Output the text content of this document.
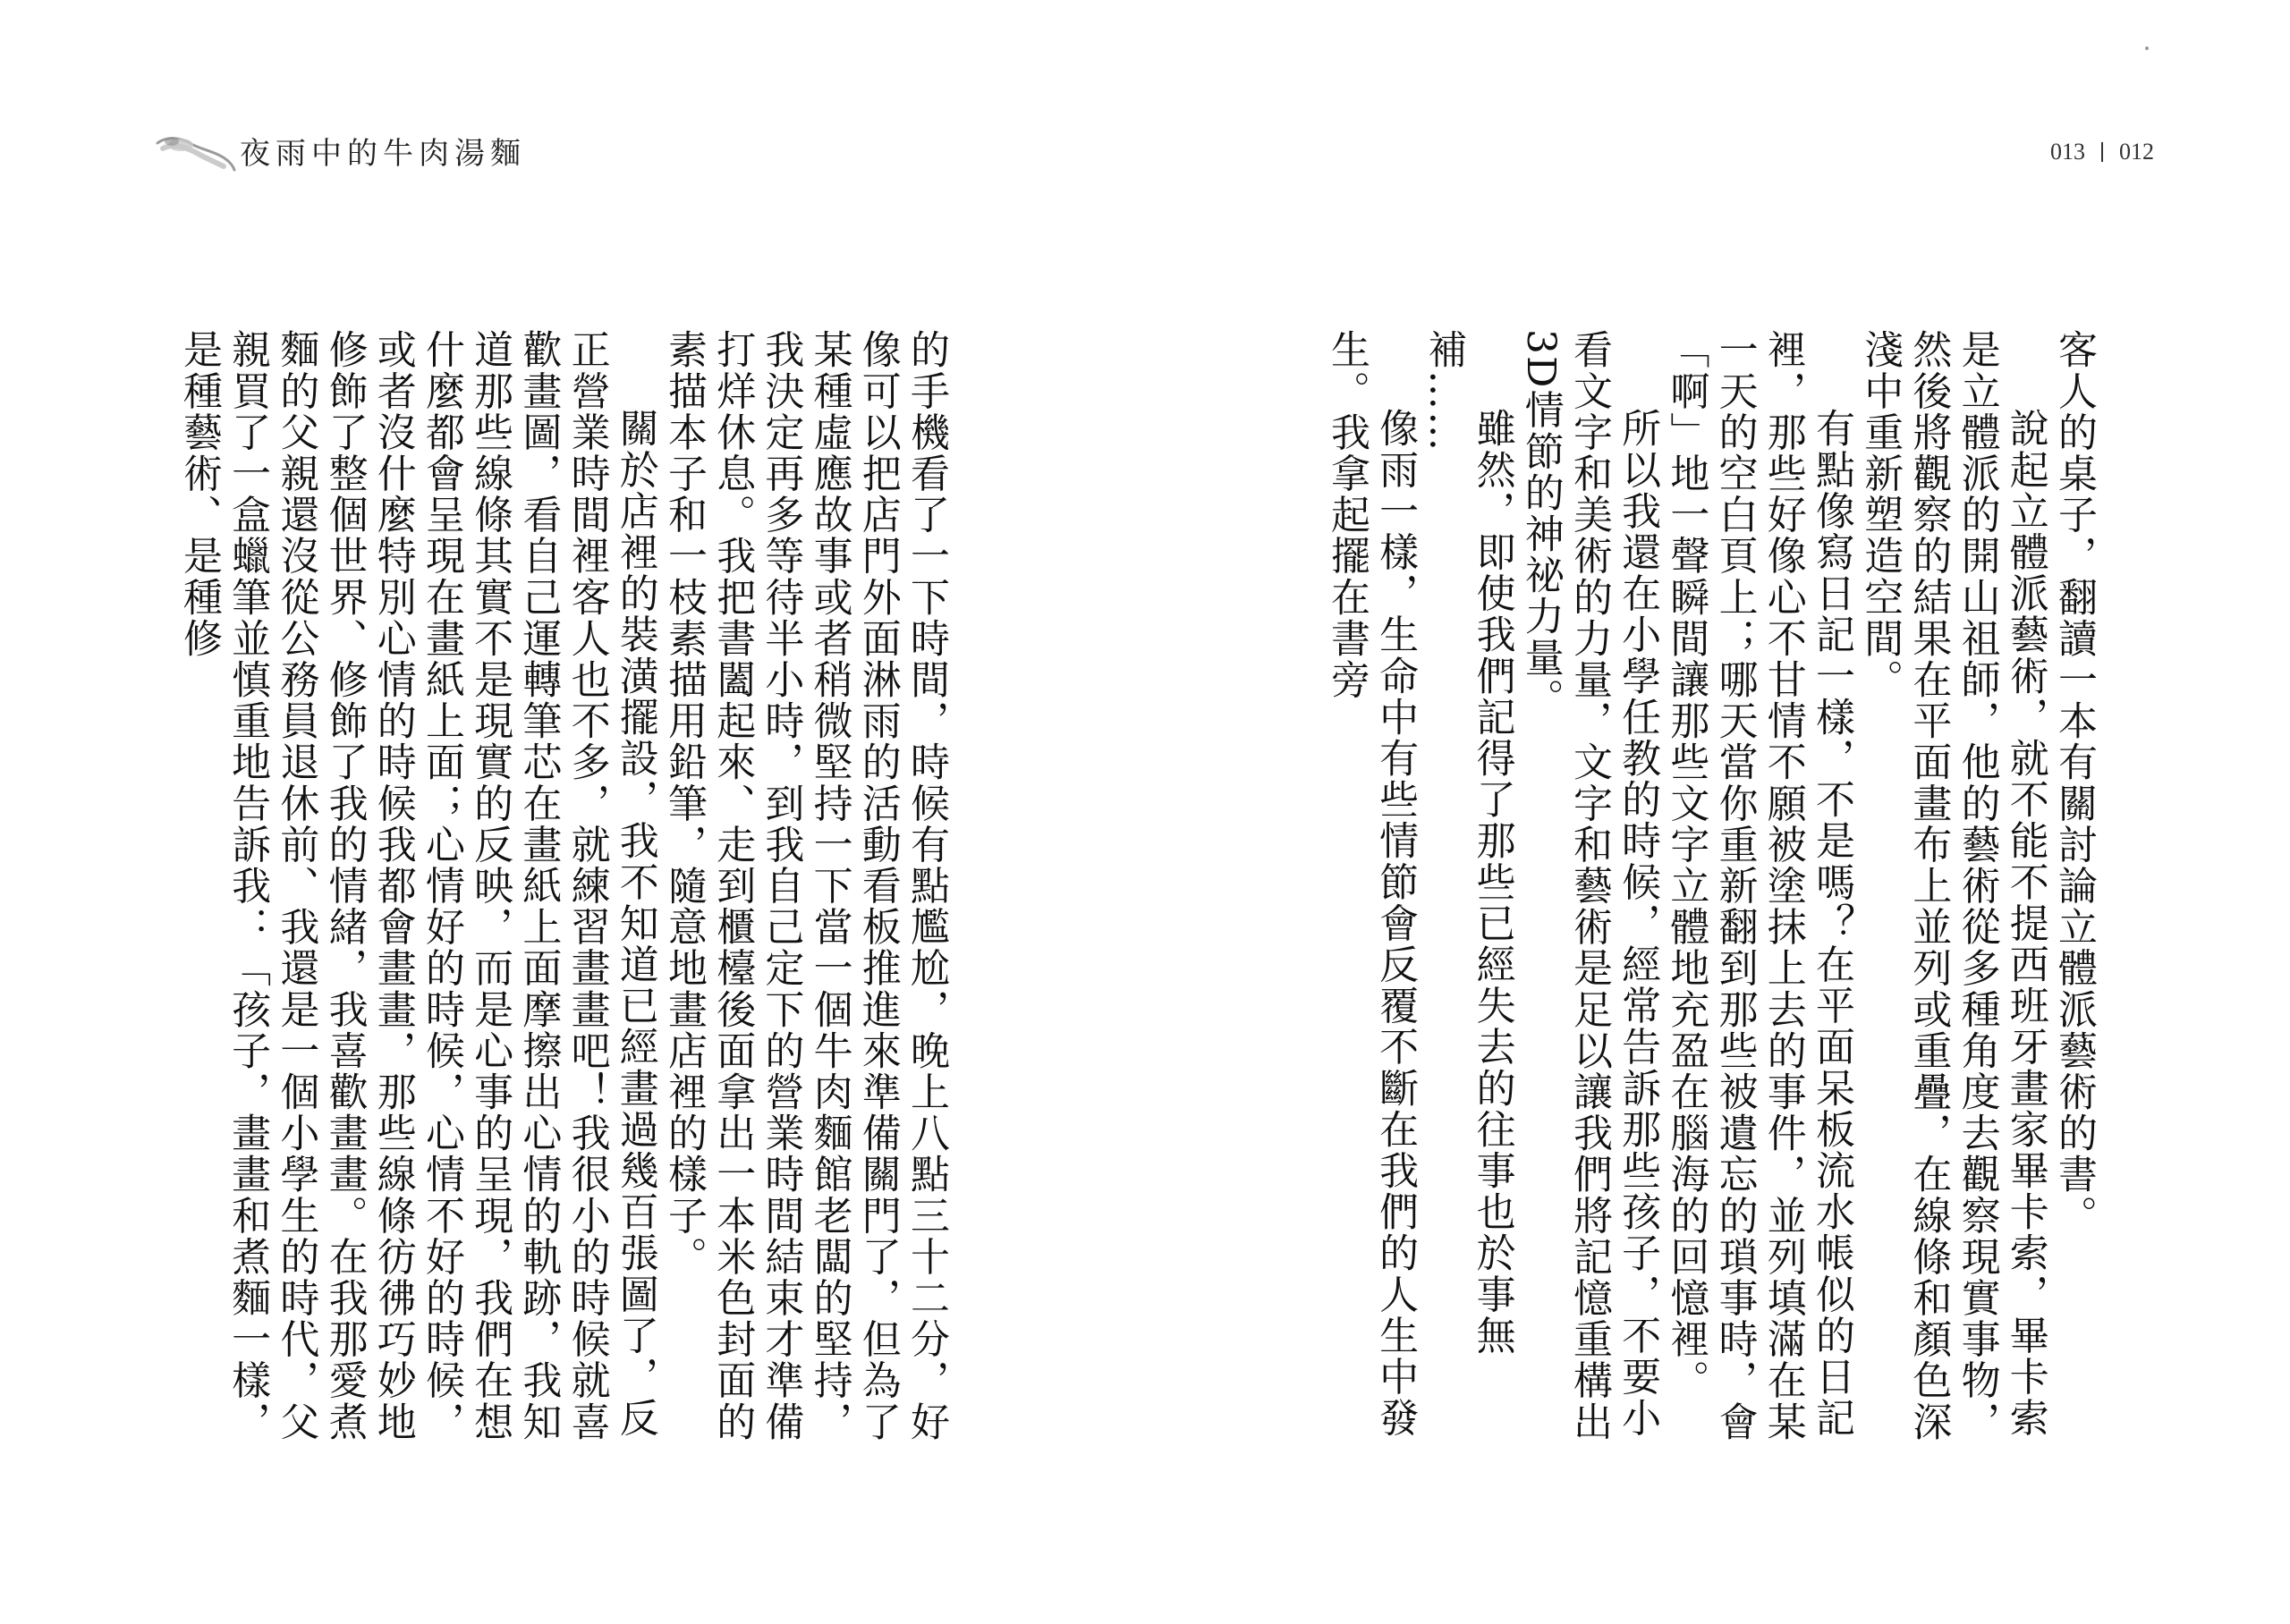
夜雨中的牛肉湯麵	013 012

客人的桌子，翻讀一本有關討論立體派藝術的書。

說起立體派藝術，就不能不提西班牙畫家畢卡索，畢卡索是立體派的開山祖師，他的藝術從多種角度去觀察現實事物，然後將觀察的結果在平面畫布上並列或重疊，在線條和顏色深淺中重新塑造空間。

有點像寫日記一樣，不是嗎？在平面呆板流水帳似的日記裡，那些好像心不甘情不願被塗抹上去的事件，並列填滿在某一天的空白頁上；哪天當你重新翻到那些被遺忘的瑣事時，會「啊」地一聲瞬間讓那些文字立體地充盈在腦海的回憶裡。

所以我還在小學任教的時候，經常告訴那些孩子，不要小看文字和美術的力量，文字和藝術是足以讓我們將記憶重構出3D情節的神祕力量。

雖然，即使我們記得了那些已經失去的往事也於事無補……

像雨一樣，生命中有些情節會反覆不斷在我們的人生中發生。我拿起擺在書旁

的手機看了一下時間，時候有點尷尬，晚上八點三十二分，好像可以把店門外面淋雨的活動看板推進來準備關門了，但為了某種虛應故事或者稍微堅持一下當一個牛肉麵館老闆的堅持，我決定再多等待半小時，到我自己定下的營業時間結束才準備打烊休息。我把書闔起來、走到櫃檯後面拿出一本米色封面的素描本子和一枝素描用鉛筆，隨意地畫店裡的樣子。

關於店裡的裝潢擺設，我不知道已經畫過幾百張圖了，反正營業時間裡客人也不多，就練習畫畫吧！我很小的時候就喜歡畫圖，看自己運轉筆芯在畫紙上面摩擦出心情的軌跡，我知道那些線條其實不是現實的反映，而是心事的呈現，我們在想什麼都會呈現在畫紙上面；心情好的時候，心情不好的時候，或者沒什麼特別心情的時候我都會畫畫，那些線條彷彿巧妙地修飾了整個世界、修飾了我的情緒，我喜歡畫畫。在我那愛煮麵的父親還沒從公務員退休前、我還是一個小學生的時代，父親買了一盒蠟筆並慎重地告訴我：「孩子，畫畫和煮麵一樣，是種藝術、是種修
